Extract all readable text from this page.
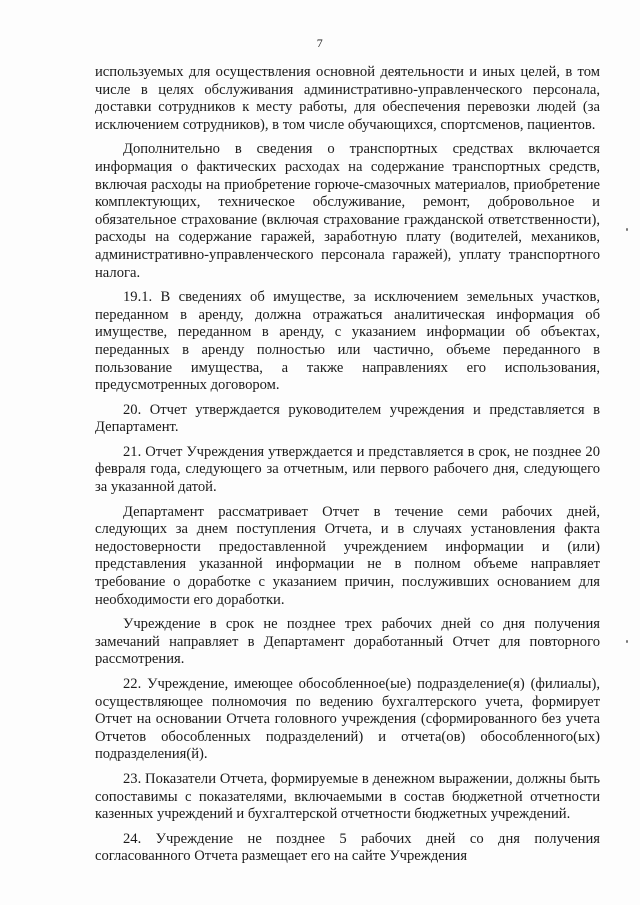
7

используемых для осуществления основной деятельности и иных целей, в том числе в целях обслуживания административно-управленческого персонала, доставки сотрудников к месту работы, для обеспечения перевозки людей (за исключением сотрудников), в том числе обучающихся, спортсменов, пациентов.

Дополнительно в сведения о транспортных средствах включается информация о фактических расходах на содержание транспортных средств, включая расходы на приобретение горюче-смазочных материалов, приобретение комплектующих, техническое обслуживание, ремонт, добровольное и обязательное страхование (включая страхование гражданской ответственности), расходы на содержание гаражей, заработную плату (водителей, механиков, административно-управленческого персонала гаражей), уплату транспортного налога.

19.1. В сведениях об имуществе, за исключением земельных участков, переданном в аренду, должна отражаться аналитическая информация об имуществе, переданном в аренду, с указанием информации об объектах, переданных в аренду полностью или частично, объеме переданного в пользование имущества, а также направлениях его использования, предусмотренных договором.

20. Отчет утверждается руководителем учреждения и представляется в Департамент.

21. Отчет Учреждения утверждается и представляется в срок, не позднее 20 февраля года, следующего за отчетным, или первого рабочего дня, следующего за указанной датой.

Департамент рассматривает Отчет в течение семи рабочих дней, следующих за днем поступления Отчета, и в случаях установления факта недостоверности предоставленной учреждением информации и (или) представления указанной информации не в полном объеме направляет требование о доработке с указанием причин, послуживших основанием для необходимости его доработки.

Учреждение в срок не позднее трех рабочих дней со дня получения замечаний направляет в Департамент доработанный Отчет для повторного рассмотрения.

22. Учреждение, имеющее обособленное(ые) подразделение(я) (филиалы), осуществляющее полномочия по ведению бухгалтерского учета, формирует Отчет на основании Отчета головного учреждения (сформированного без учета Отчетов обособленных подразделений) и отчета(ов) обособленного(ых) подразделения(й).

23. Показатели Отчета, формируемые в денежном выражении, должны быть сопоставимы с показателями, включаемыми в состав бюджетной отчетности казенных учреждений и бухгалтерской отчетности бюджетных учреждений.

24. Учреждение не позднее 5 рабочих дней со дня получения согласованного Отчета размещает его на сайте Учреждения
